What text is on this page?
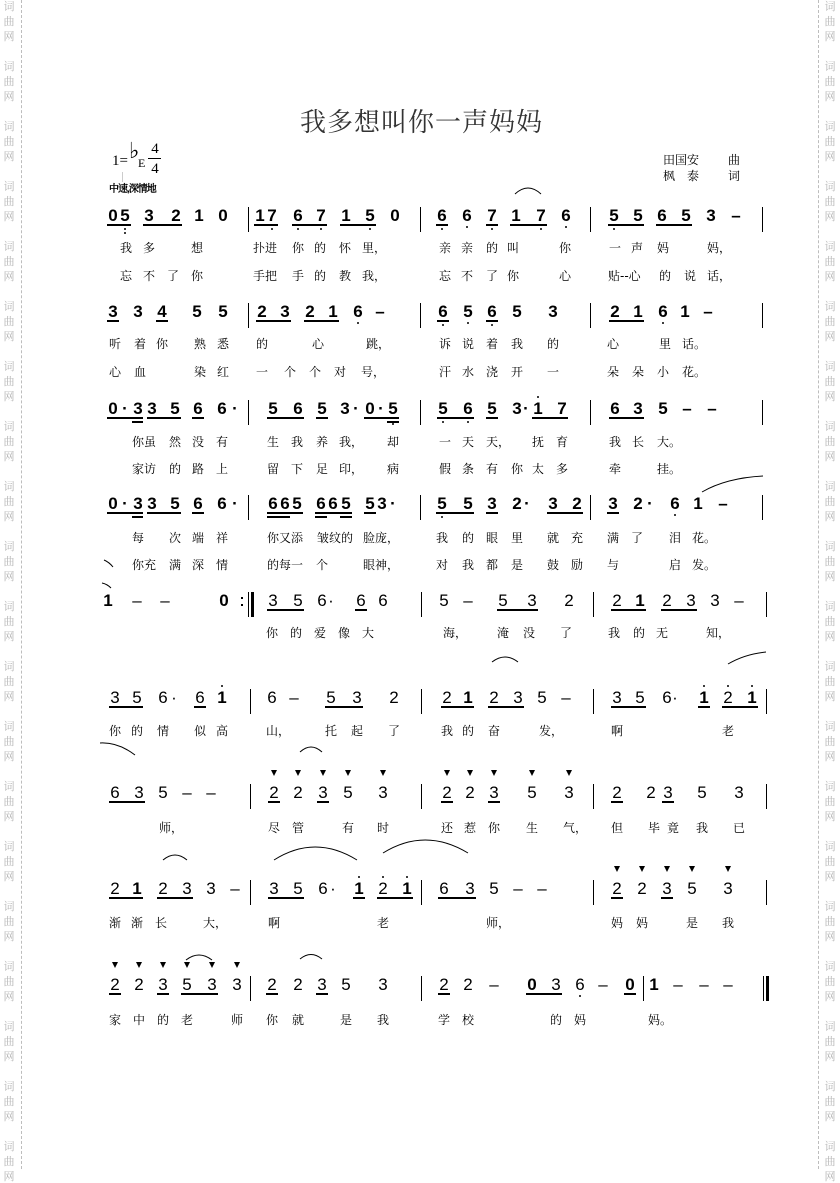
词
曲
网
词
曲
网
词
曲
网
词
曲
网
词
曲
网
词
曲
网
词
曲
网
词
曲
网
词
曲
网
词
曲
网
词
曲
网
词
曲
网
词
曲
网
词
曲
网
词
曲
网
词
曲
网
词
曲
网
词
曲
网
词
曲
网
词
曲
网
词
曲
网
词
曲
网
词
曲
网
词
曲
网
词
曲
网
词
曲
网
词
曲
网
词
曲
网
词
曲
网
词
曲
网
词
曲
网
词
曲
网
词
曲
网
词
曲
网
词
曲
网
词
曲
网
词
曲
网
词
曲
网
词
曲
网
词
曲
网
我多想叫你一声妈妈
1= ♭
E
4
4
中速,深情地
田国安 曲
枫　泰 词
0 5 3 2 1 0 1 7 6 7 1 5 0 6 6 7 1 7 6 5 5 6 5 3 –
我 多	想	扑进 你 的 怀 里，	亲 亲 的 叫	你	一 声 妈	妈，
忘 不 了 你	手把 手 的 教 我，	忘 不 了 你	心	贴--心 的 说 话，
3 3 4 5 5 2 3 2 1 6 –	6 5 6 5 3	2 1 6 1 –
听 着 你 熟 悉 的	心	跳，	诉 说 着 我 的	心	里 话。
心 血	染 红 一 个 个 对 号，	汗 水 浇 开 一	朵 朵 小 花。
0 · 3 3 5 6 6 ·	5 6 5 3 · 0 · 5 5 6 5 3 · 1 7	6 3 5 – –
你虽 然 没 有	生 我 养 我， 却	一 天 天， 抚 育	我 长 大。
家访 的 路 上	留 下 足 印， 病	假 条 有 你 太 多	牵	挂。
0 · 3 3 5 6 6 ·	6 6 5 6 6 5 5 3 ·	5 5 3 2 ·	3 2 3 2 ·	6 1 –
每 次 端 祥	你又添 皱纹的 脸庞，	我 的 眼 里 就 充 满 了 泪 花。
你充 满 深 情	的每一 个	眼神，	对 我 都 是 鼓 励 与	启 发。
1 – –	0 3 5 6 ·	6 6	5 – 5 3 2 2 1 2 3 3 –
你 的 爱 像 大	海， 淹 没 了	我 的 无	知，
3 5 6 ·	6 1 6 – 5 3 2	2 1 2 3 5 – 3 5 6 ·	1 2 1
你 的 情 似 高	山，	托 起 了	我 的 奋	发，	啊	老
6 3 5 – –	2 2 3 5 3	2 2 3 5 3 2 2 3 5 3
师，	尽 管	有 时	还 惹 你 生 气， 但 毕 竟 我 已
2 1 2 3 3 – 3 5 6 ·	1 2 1 6 3 5 – –	2 2 3 5 3
渐 渐 长	大，	啊	老	师，	妈 妈	是 我
2 2 3 5 3 3 2 2 3 5 3	2 2 – 0 3 6 – 0 1 – – –
家 中 的 老	师 你 就	是 我	学 校	的 妈	妈。
